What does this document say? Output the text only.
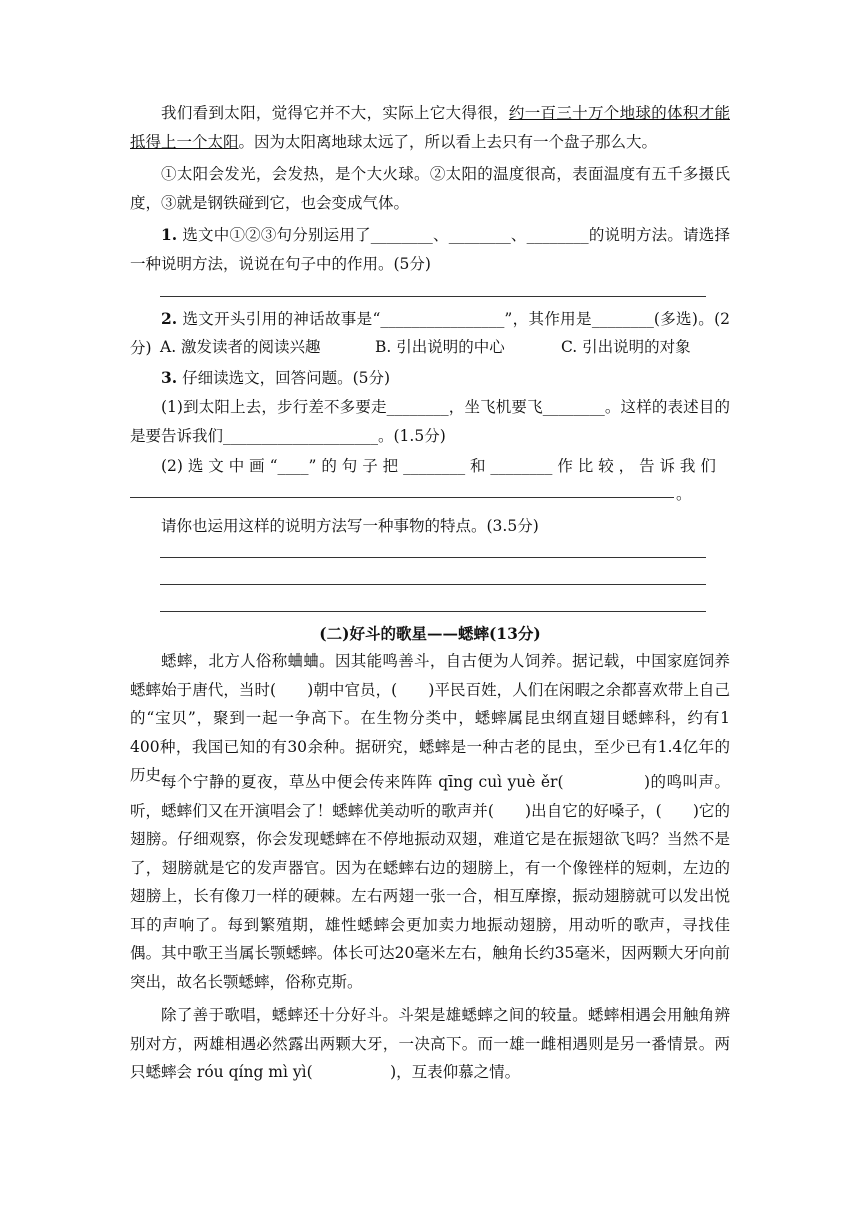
我们看到太阳，觉得它并不大，实际上它大得很，约一百三十万个地球的体积才能抵得上一个太阳。因为太阳离地球太远了，所以看上去只有一个盘子那么大。

①太阳会发光，会发热，是个大火球。②太阳的温度很高，表面温度有五千多摄氏度，③就是钢铁碰到它，也会变成气体。

1. 选文中①②③句分别运用了________、________、________的说明方法。请选择一种说明方法，说说在句子中的作用。(5分)

2. 选文开头引用的神话故事是“________________”，其作用是________(多选)。(2分) A. 激发读者的阅读兴趣	B. 引出说明的中心	C. 引出说明的对象

3. 仔细读选文，回答问题。(5分)

(1)到太阳上去，步行差不多要走________，坐飞机要飞________。这样的表述目的是要告诉我们____________________。(1.5分)

(2) 选 文 中 画 “____” 的 句 子 把 ________ 和 ________ 作 比 较 ， 告 诉 我 们

。

请你也运用这样的说明方法写一种事物的特点。(3.5分)

(二)好斗的歌星——蟋蟀(13分)

蟋蟀，北方人俗称蛐蛐。因其能鸣善斗，自古便为人饲养。据记载，中国家庭饲养蟋蟀始于唐代，当时(　　)朝中官员，(　　)平民百姓，人们在闲暇之余都喜欢带上自己的“宝贝”，聚到一起一争高下。在生物分类中，蟋蟀属昆虫纲直翅目蟋蟀科，约有1 400种，我国已知的有30余种。据研究，蟋蟀是一种古老的昆虫，至少已有1.4亿年的历史。

每个宁静的夏夜，草丛中便会传来阵阵 qīng cuì yuè ěr(　　　　　)的鸣叫声。听，蟋蟀们又在开演唱会了！蟋蟀优美动听的歌声并(　　)出自它的好嗓子，(　　)它的翅膀。仔细观察，你会发现蟋蟀在不停地振动双翅，难道它是在振翅欲飞吗？当然不是了，翅膀就是它的发声器官。因为在蟋蟀右边的翅膀上，有一个像锉样的短刺，左边的翅膀上，长有像刀一样的硬棘。左右两翅一张一合，相互摩擦，振动翅膀就可以发出悦耳的声响了。每到繁殖期，雄性蟋蟀会更加卖力地振动翅膀，用动听的歌声，寻找佳偶。其中歌王当属长颚蟋蟀。体长可达20毫米左右，触角长约35毫米，因两颗大牙向前突出，故名长颚蟋蟀，俗称克斯。

除了善于歌唱，蟋蟀还十分好斗。斗架是雄蟋蟀之间的较量。蟋蟀相遇会用触角辨别对方，两雄相遇必然露出两颗大牙，一决高下。而一雄一雌相遇则是另一番情景。两只蟋蟀会 róu qíng mì yì(　　　　　)，互表仰慕之情。
